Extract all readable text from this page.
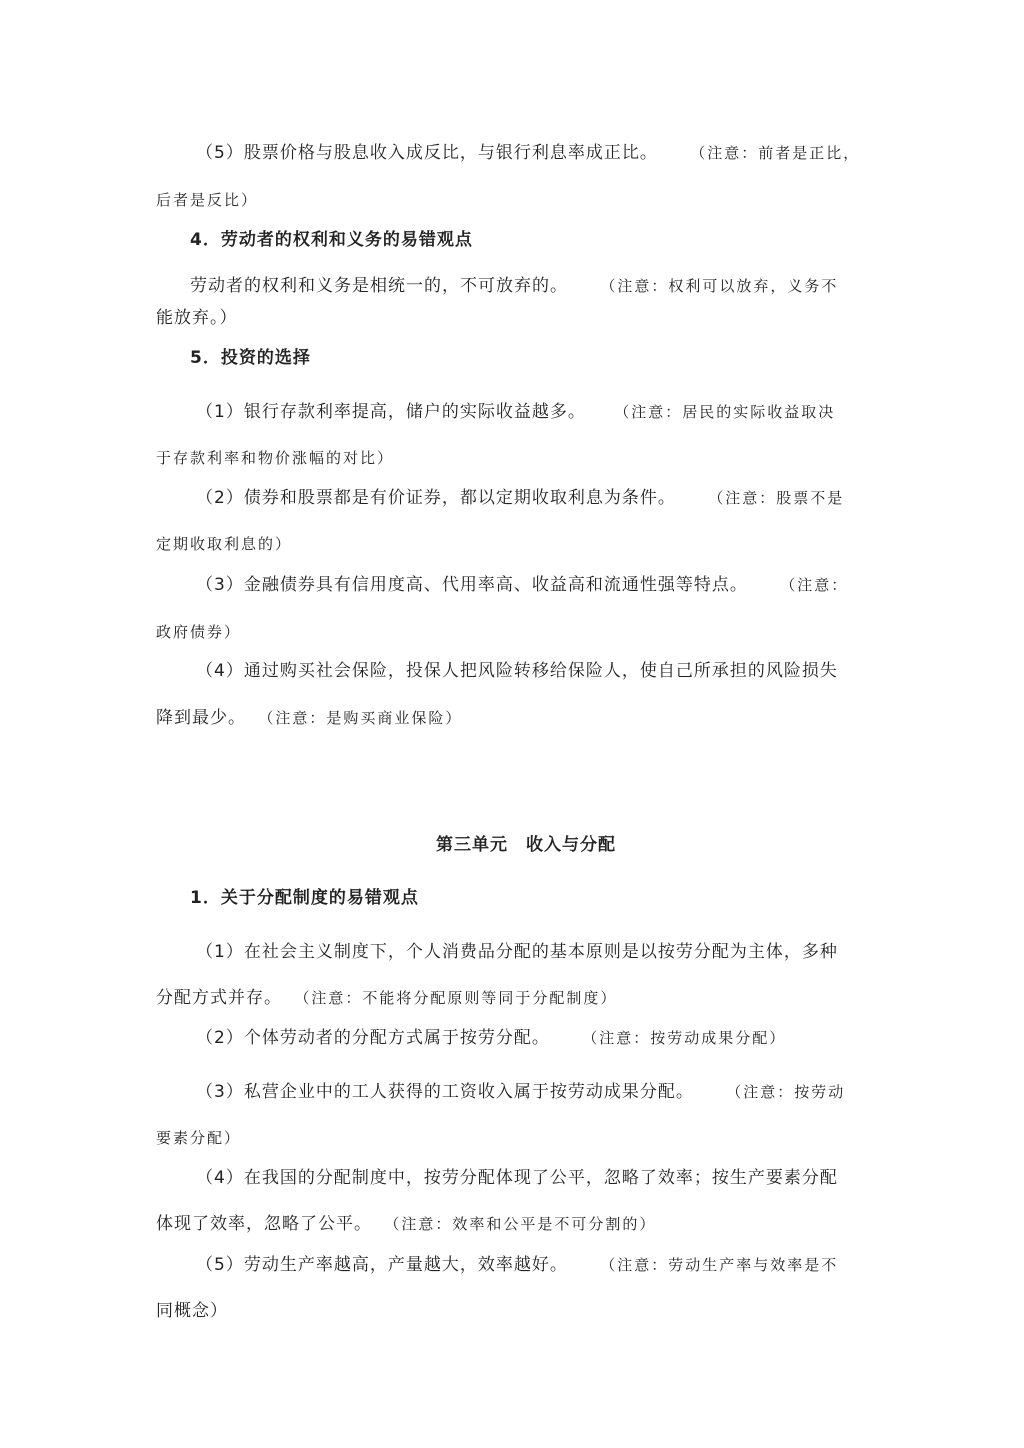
（5）股票价格与股息收入成反比，与银行利息率成正比。 （注意：前者是正比，
后者是反比）
4．劳动者的权利和义务的易错观点
劳动者的权利和义务是相统一的，不可放弃的。 （注意：权利可以放弃，义务不
能放弃。）
5．投资的选择
（1）银行存款利率提高，储户的实际收益越多。 （注意：居民的实际收益取决
于存款利率和物价涨幅的对比）
（2）债券和股票都是有价证券，都以定期收取利息为条件。 （注意：股票不是
定期收取利息的）
（3）金融债券具有信用度高、代用率高、收益高和流通性强等特点。 （注意：
政府债券）
（4）通过购买社会保险，投保人把风险转移给保险人，使自己所承担的风险损失
降到最少。 （注意：是购买商业保险）
第三单元　收入与分配
1．关于分配制度的易错观点
（1）在社会主义制度下，个人消费品分配的基本原则是以按劳分配为主体，多种
分配方式并存。 （注意：不能将分配原则等同于分配制度）
（2）个体劳动者的分配方式属于按劳分配。 （注意：按劳动成果分配）
（3）私营企业中的工人获得的工资收入属于按劳动成果分配。 （注意：按劳动
要素分配）
（4）在我国的分配制度中，按劳分配体现了公平，忽略了效率；按生产要素分配
体现了效率，忽略了公平。 （注意：效率和公平是不可分割的）
（5）劳动生产率越高，产量越大，效率越好。 （注意：劳动生产率与效率是不
同概念）
